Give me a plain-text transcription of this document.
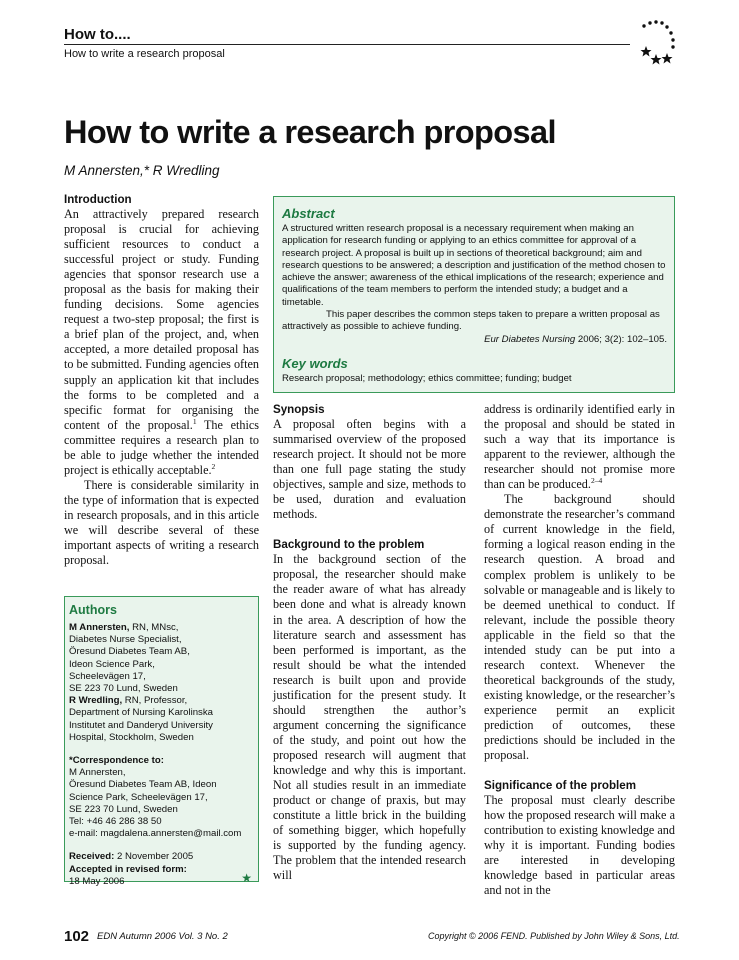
How to....
How to write a research proposal
How to write a research proposal
M Annersten,* R Wredling
Introduction

An attractively prepared research proposal is crucial for achieving sufficient resources to conduct a successful project or study. Funding agencies that sponsor research use a proposal as the basis for making their funding decisions. Some agencies request a two-step proposal; the first is a brief plan of the project, and, when accepted, a more detailed proposal has to be submitted. Funding agencies often supply an application kit that includes the forms to be completed and a specific format for organising the content of the proposal.$^1$ The ethics committee requires a research plan to be able to judge whether the intended project is ethically acceptable.$^2$

There is considerable similarity in the type of information that is expected in research proposals, and in this article we will describe several of these important aspects of writing a research proposal.

Abstract

A structured written research proposal is a necessary requirement when making an application for research funding or applying to an ethics committee for approval of a research project. A proposal is built up in sections of theoretical background; aim and research questions to be answered; a description and justification of the method chosen to achieve the answer; awareness of the ethical implications of the research; experience and qualifications of the team members to perform the intended study; a budget and a timetable.

This paper describes the common steps taken to prepare a written proposal as attractively as possible to achieve funding.

Eur Diabetes Nursing 2006; 3(2): 102–105.

Key words

Research proposal; methodology; ethics committee; funding; budget

Synopsis

A proposal often begins with a summarised overview of the proposed research project. It should not be more than one full page stating the study objectives, sample and size, methods to be used, duration and evaluation methods.

Background to the problem

In the background section of the proposal, the researcher should make the reader aware of what has already been done and what is already known in the area. A description of how the literature search and assessment has been performed is important, as the result should be what the intended research is built upon and provide justification for the present study. It should strengthen the author’s argument concerning the significance of the study, and point out how the proposed research will augment that knowledge and why this is important. Not all studies result in an immediate product or change of praxis, but may constitute a little brick in the building of something bigger, which hopefully is supported by the funding agency. The problem that the intended research will

address is ordinarily identified early in the proposal and should be stated in such a way that its importance is apparent to the reviewer, although the researcher should not promise more than can be produced.$^{2-4}$

The background should demonstrate the researcher’s command of current knowledge in the field, forming a logical reason ending in the research question. A broad and complex problem is unlikely to be solvable or manageable and is likely to be deemed unethical to conduct. If relevant, include the possible theory applicable in the field so that the intended study can be put into a research context. Whenever the theoretical backgrounds of the study, existing knowledge, or the researcher’s experience permit an explicit prediction of outcomes, these predictions should be included in the proposal.

Significance of the problem

The proposal must clearly describe how the proposed research will make a contribution to existing knowledge and why it is important. Funding bodies are interested in developing knowledge based in particular areas and not in the

Authors

M Annersten, RN, MNsc,

Diabetes Nurse Specialist,
Öresund Diabetes Team AB,
Ideon Science Park,
Scheelevägen 17,
SE 223 70 Lund, Sweden

R Wredling, RN, Professor,

Department of Nursing Karolinska
Institutet and Danderyd University
Hospital, Stockholm, Sweden

*Correspondence to:

M Annersten,
Öresund Diabetes Team AB, Ideon
Science Park, Scheelevägen 17,
SE 223 70 Lund, Sweden
Tel: +46 46 286 38 50
e-mail: magdalena.annersten@mail.com

Received: 2 November 2005

Accepted in revised form:

18 May 2006	★
102 EDN Autumn 2006 Vol. 3 No. 2	Copyright © 2006 FEND. Published by John Wiley & Sons, Ltd.
